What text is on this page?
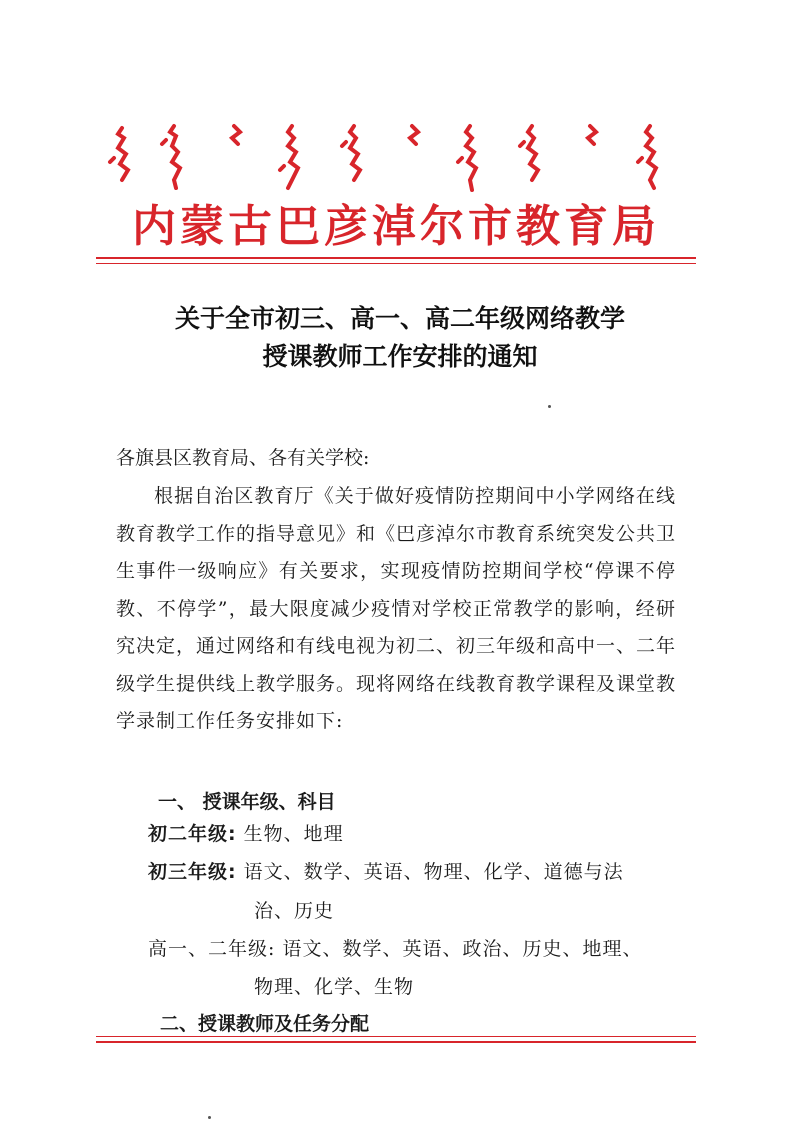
内蒙古巴彦淖尔市教育局
关于全市初三、高一、高二年级网络教学
授课教师工作安排的通知
各旗县区教育局、各有关学校:

根据自治区教育厅《关于做好疫情防控期间中小学网络在线教育教学工作的指导意见》和《巴彦淖尔市教育系统突发公共卫生事件一级响应》有关要求，实现疫情防控期间学校“停课不停教、不停学”，最大限度减少疫情对学校正常教学的影响，经研究决定，通过网络和有线电视为初二、初三年级和高中一、二年级学生提供线上教学服务。现将网络在线教育教学课程及课堂教学录制工作任务安排如下:

一、 授课年级、科目
初二年级: 生物、地理
初三年级: 语文、数学、英语、物理、化学、道德与法
治、历史
高一、二年级: 语文、数学、英语、政治、历史、地理、
物理、化学、生物
二、授课教师及任务分配
